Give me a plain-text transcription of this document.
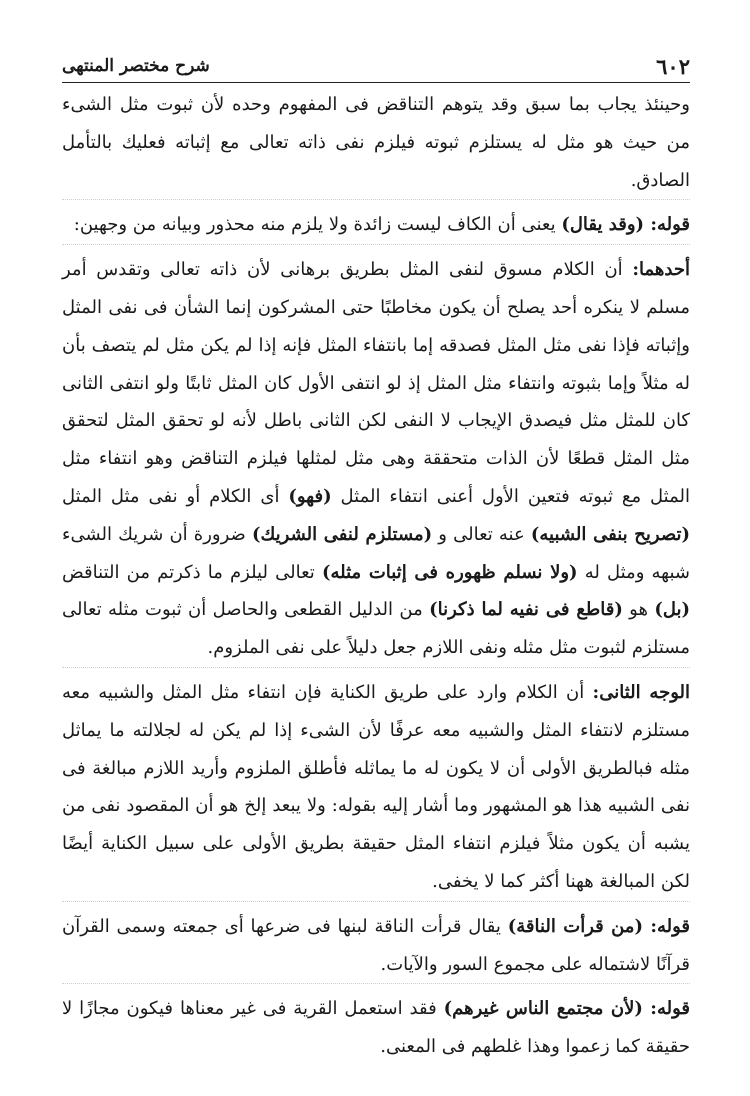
٦٠٢
شرح مختصر المنتهى

وحينئذ يجاب بما سبق وقد يتوهم التناقض فى المفهوم وحده لأن ثبوت مثل الشىء من حيث هو مثل له يستلزم ثبوته فيلزم نفى ذاته تعالى مع إثباته فعليك بالتأمل الصادق.

قوله: (وقد يقال) يعنى أن الكاف ليست زائدة ولا يلزم منه محذور وبيانه من وجهين:

أحدهما: أن الكلام مسوق لنفى المثل بطريق برهانى لأن ذاته تعالى وتقدس أمر مسلم لا ينكره أحد يصلح أن يكون مخاطبًا حتى المشركون إنما الشأن فى نفى المثل وإثباته فإذا نفى مثل المثل فصدقه إما بانتفاء المثل فإنه إذا لم يكن مثل لم يتصف بأن له مثلاً وإما بثبوته وانتفاء مثل المثل إذ لو انتفى الأول كان المثل ثابتًا ولو انتفى الثانى كان للمثل مثل فيصدق الإيجاب لا النفى لكن الثانى باطل لأنه لو تحقق المثل لتحقق مثل المثل قطعًا لأن الذات متحققة وهى مثل لمثلها فيلزم التناقض وهو انتفاء مثل المثل مع ثبوته فتعين الأول أعنى انتفاء المثل (فهو) أى الكلام أو نفى مثل المثل (تصريح بنفى الشبيه) عنه تعالى و (مستلزم لنفى الشريك) ضرورة أن شريك الشىء شبهه ومثل له (ولا نسلم ظهوره فى إثبات مثله) تعالى ليلزم ما ذكرتم من التناقض (بل) هو (قاطع فى نفيه لما ذكرنا) من الدليل القطعى والحاصل أن ثبوت مثله تعالى مستلزم لثبوت مثل مثله ونفى اللازم جعل دليلاً على نفى الملزوم.

الوجه الثانى: أن الكلام وارد على طريق الكناية فإن انتفاء مثل المثل والشبيه معه مستلزم لانتفاء المثل والشبيه معه عرفًا لأن الشىء إذا لم يكن له لجلالته ما يماثل مثله فبالطريق الأولى أن لا يكون له ما يماثله فأطلق الملزوم وأريد اللازم مبالغة فى نفى الشبيه هذا هو المشهور وما أشار إليه بقوله: ولا يبعد إلخ هو أن المقصود نفى من يشبه أن يكون مثلاً فيلزم انتفاء المثل حقيقة بطريق الأولى على سبيل الكناية أيضًا لكن المبالغة ههنا أكثر كما لا يخفى.

قوله: (من قرأت الناقة) يقال قرأت الناقة لبنها فى ضرعها أى جمعته وسمى القرآن قرآنًا لاشتماله على مجموع السور والآيات.

قوله: (لأن مجتمع الناس غيرهم) فقد استعمل القرية فى غير معناها فيكون مجازًا لا حقيقة كما زعموا وهذا غلطهم فى المعنى.
